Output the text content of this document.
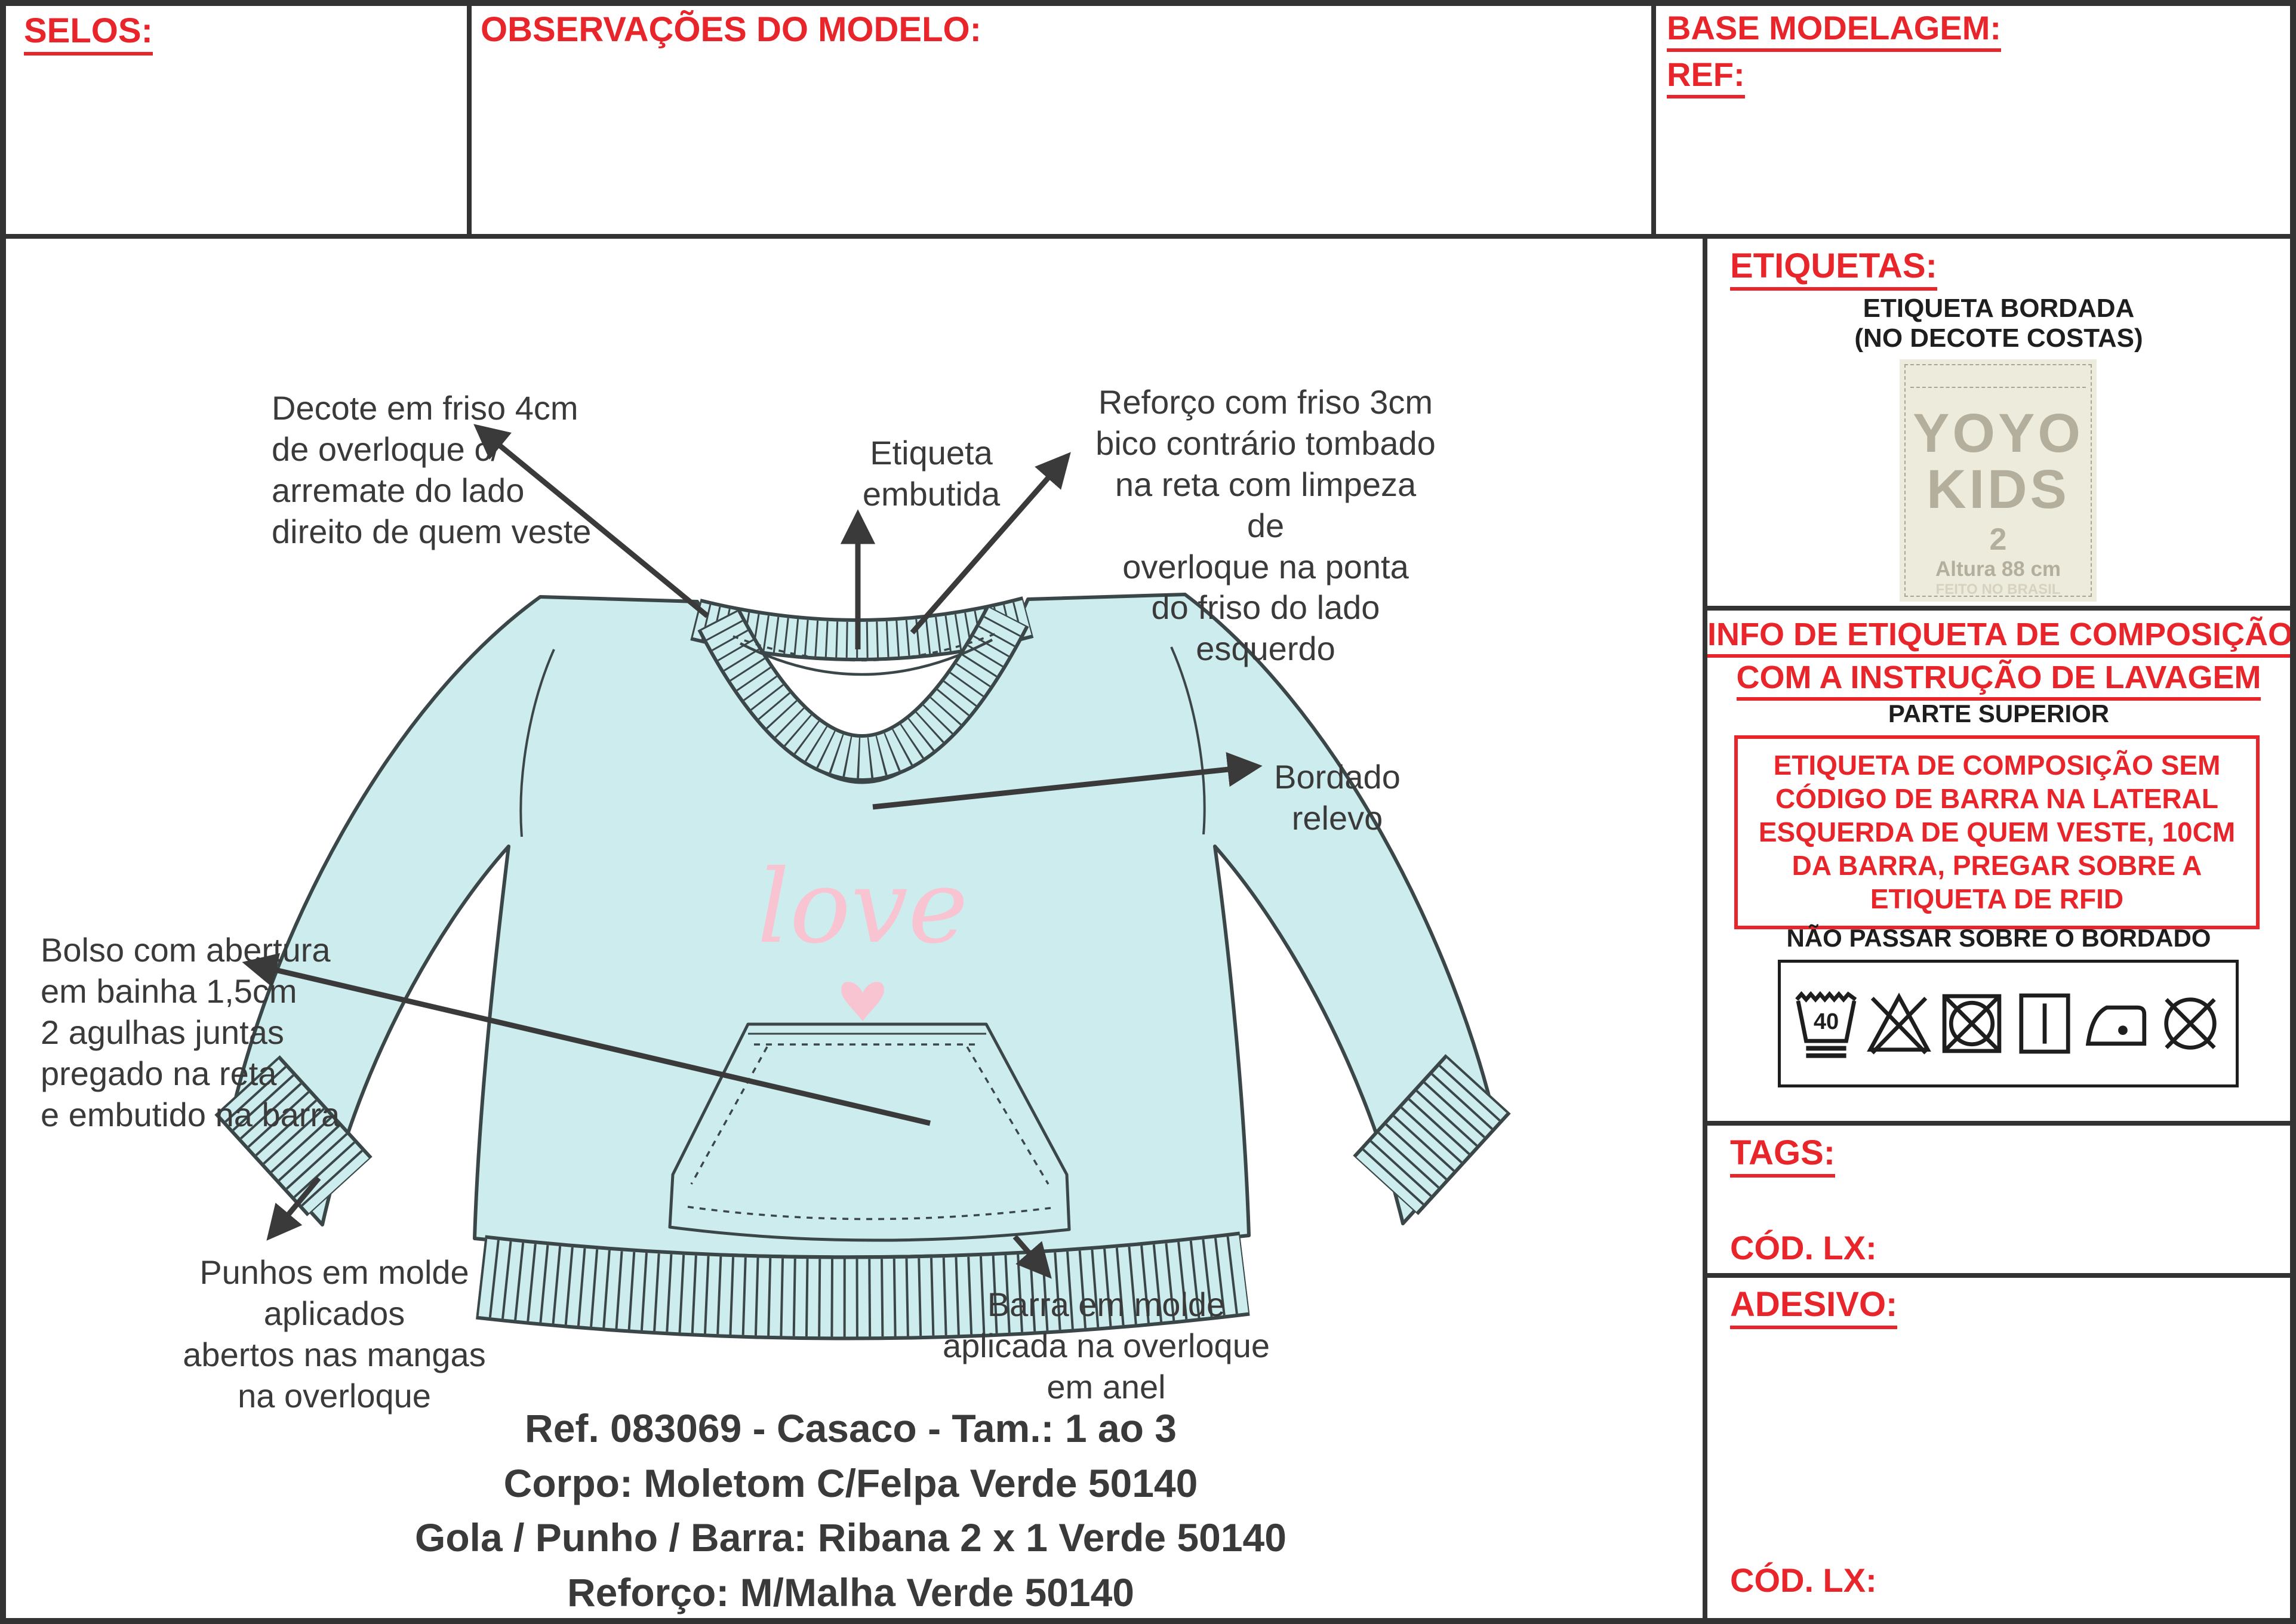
SELOS:	OBSERVAÇÕES DO MODELO:	BASE MODELAGEM:
REF:
love
Decote em friso 4cm
de overloque c/
arremate do lado
direito de quem veste
Etiqueta
embutida
Reforço com friso 3cm
bico contrário tombado
na reta com limpeza de
overloque na ponta
do friso do lado
esquerdo
Bordado
relevo
Bolso com abertura
em bainha 1,5cm
2 agulhas juntas
pregado na reta
e embutido na barra
Punhos em molde aplicados
abertos nas mangas
na overloque
Barra em molde
aplicada na overloque
em anel
Ref. 083069 - Casaco - Tam.: 1 ao 3
Corpo: Moletom C/Felpa Verde 50140
Gola / Punho / Barra: Ribana 2 x 1 Verde 50140
Reforço: M/Malha Verde 50140
ETIQUETAS:
ETIQUETA BORDADA
(NO DECOTE COSTAS)
YOYO
KIDS
2
Altura 88 cm
FEITO NO BRASIL
INFO DE ETIQUETA DE COMPOSIÇÃO
COM A INSTRUÇÃO DE LAVAGEM
PARTE SUPERIOR
ETIQUETA DE COMPOSIÇÃO SEM
CÓDIGO DE BARRA NA LATERAL
ESQUERDA DE QUEM VESTE, 10CM
DA BARRA, PREGAR SOBRE A
ETIQUETA DE RFID
NÃO PASSAR SOBRE O BORDADO
40
TAGS:
CÓD. LX:
ADESIVO:
CÓD. LX:
